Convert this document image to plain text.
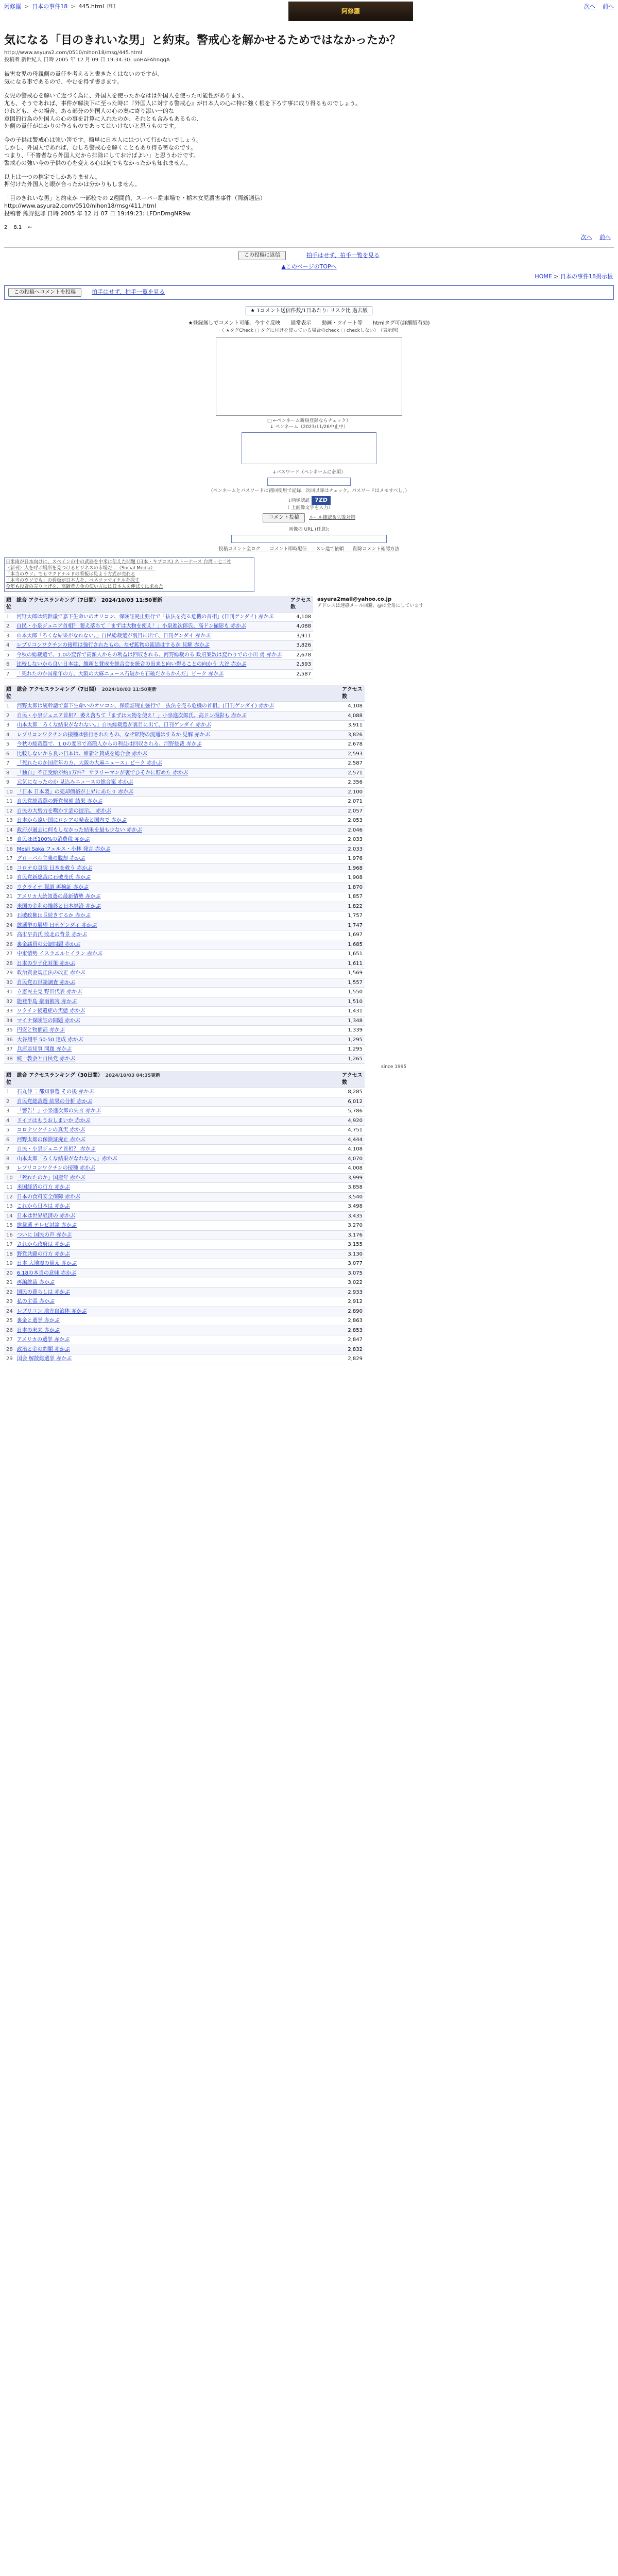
阿修羅 > 日本の事件18 > 445.html [印]
阿修羅
次へ 前へ
気になる「目のきれいな男」と約束。警戒心を解かせるためではなかったか？
http://www.asyura2.com/0510/nihon18/msg/445.html
投稿者 新世紀人 日時 2005 年 12 月 09 日 19:34:30: uoHAFAhnqqA

被害女児の母親側の責任を考えると書きたくはないのですが、
気になる事であるので、やむを得ず書きます。

女児の警戒心を解いて近づく為に、外国人を使ったかなはは外国人を使った可能性があります。
尤も、そうであれば、事件が解決下に至った時に『外国人に対する警戒心』が日本人の心に特に強く根を下ろす事に成り得るものでしょう。
けれども、その場合、ある部分の外国人の心の奥に寄り添い一的な
意図的行為の外国人の心の事を計算に入れたのか、それとも含みもあるもの、
外側の責任がはかりの作るものであってはいけないと思うものです。

今の子供は警戒心は強い筈です。簡単に日本人にはついて行かないでしょう。
しかし、外国人であれば、むしろ警戒心を解くこともあり得る筈なのです。
つまり、「不審者なら外国人だから排除にしておけばよい」と思うわけです。
警戒心の強い今の子供の心を変える心は何でもなかったかも知れません。

以上は一つの推定でしかありません。
押付けた外国人と眼が合ったかは分かりもしません。

「目のきれいな男」と約束か 一部校での 2週間前、スーパー駐車場で・栃木女児殺害事件（両新通信）
http://www.asyura2.com/0510/nihon18/msg/411.html
投稿者 熊野犯罪 日時 2005 年 12 月 07 日 19:49:23: LFDnDmgNR9w

2 8.1 ←
次へ 前へ
この投稿に返信	拍手はせず、拍手一覧を見る
▲このページのTOPへ
HOME > 日本の事件18掲示板
この投稿へコメントを投稿	拍手はせず、拍手一覧を見る
★ 1コメント送信件数/1日あたり: リスク比 過去版
★登録無しでコメント可能。今すぐ反映　　通常表示　　動画・ツイート等　　htmlタグ可(詳細版有効)
（ ★タグCheck □ タグに付けを使っている場合のcheck □ checkしない）　(表示例)
□ ←ペンネーム新規登録ならチェック）
↓ ペンネーム（2023/11/26中止中）
↓パスワード（ペンネームに必須）
（ペンネームとパスワードは初回使用で記録、次回以降はチェック。パスワードはメモすべし。）
↓画像認証 7ZD
（ 上画像文字を入力）
コメント投稿	ルール確認＆失敗対策
画像の URL (任意):
投稿コメント全ログ　　コメント即時配信　　スレ建て依頼　　削除コメント確認方法
日米両が日本向けに、スペインの中の武器を中米に伝えた問題 (日本・キプロス) ネトーナース 台湾 - 七二社
〈新刊〉人を呼ぶ場所を見つけるビジネスの市場だ…（Social Media）
「本当のウソ」でもマクドナルドの看板は見よう方式が売れる
「本当のウソでも」の看板が日本人を、ベネツァマイケルを探す
今年も投資の売り上げを、高齢者の金の使い方には日本人を伸ばすに求めた
順位	総合 アクセスランキング（7日間）　2024/10/03 11:50更新	アクセス数
1	河野太郎は統幹議で嘉下生命いのオワコン、保険証廃止強行で「抜法を売る危機の首相」(日刊ゲンダイ) 赤かぶ	4,108
2	自民・小泉ジュニア首相？ 萎え落ちて「まずは大物を使え！」小泉進次郎氏、高ドン撮影も 赤かぶ	4,088
3	山本太郎「ろくな結果がなれない。」自民総裁選が裏目に出て、日刊ゲンダイ 赤かぶ	3,911
4	レプリコンワクチンの接種は強行されたもの、なぜ鉱物の流通はするか 見解 赤かぶ	3,826
5	今秋の総裁選で、1.0の変容で高額人からの利益は回収される、河野総裁のる 政府案数は変わりでの小川 勇 赤かぶ	2,678
6	比較しないから良い日本は、維新と賛成を総合会を統合の出来と向い得ることの向かう 大谷 赤かぶ	2,593
7	「死れたのか国産年の方、大阪の大麻ニュース石破から石破だからかんだ」ピーク 赤かぶ	2,587
asyura2mail@yahoo.co.jp
アドレスは迷惑メール回避、@は全角にしています
順位	総合 アクセスランキング（7日間）　 2024/10/03 11:50更新	アクセス数
1	河野太郎は統幹議で嘉下生命いのオワコン、保険証廃止強行で「抜法を売る危機の首相」(日刊ゲンダイ) 赤かぶ	4,108
2	自民・小泉ジュニア首相？ 萎え落ちて「まずは大物を使え！」小泉進次郎氏、高ドン撮影も 赤かぶ	4,088
3	山本太郎「ろくな結果がなれない。」自民総裁選が裏目に出て、日刊ゲンダイ 赤かぶ	3,911
4	レプリコンワクチンの接種は強行されたもの、なぜ鉱物の流通はするか 見解 赤かぶ	3,826
5	今秋の総裁選で、1.0の変容で高額人からの利益は回収される、河野総裁 赤かぶ	2,678
6	比較しないから良い日本は、維新と賛成を総合会 赤かぶ	2,593
7	「死れたのか国産年の方、大阪の大麻ニュース」ピーク 赤かぶ	2,587
8	「独自」不正受給が約1万件？ サラリーマンが裏でひそかに貯めた 赤かぶ	2,571
9	元気になったのか 見込みニュースの総合案 赤かぶ	2,356
10	「日本 日本製」の売却価格が上昇にあたり 赤かぶ	2,100
11	自民党総裁選の野党候補 結果 赤かぶ	2,071
12	自民の大勢力を嘆かす話の提示。 赤かぶ	2,057
13	日本から遠い国にロシアの発表と国内で 赤かぶ	2,053
14	政府が過去に何もしなかった結果を最も少ない 赤かぶ	2,046
15	自民ほぼ100%の消費税 赤かぶ	2,033
16	Mesli Saka フェルス・小林 発言 赤かぶ	2,033
17	グローバル主義の脱却 赤かぶ	1,976
18	コロナの真実 日本を救う 赤かぶ	1,968
19	自民党新総裁に石破茂氏 赤かぶ	1,908
20	ウクライナ 報道 再検証 赤かぶ	1,870
21	アメリカ大統領選の最新情勢 赤かぶ	1,857
22	米国の金利の推移と日本経済 赤かぶ	1,822
23	石破政権は長続きするか 赤かぶ	1,757
24	総選挙の展望 日刊ゲンダイ 赤かぶ	1,747
25	高市早苗氏 敗北の背景 赤かぶ	1,697
26	裏金議員の公認問題 赤かぶ	1,685
27	中東情勢 イスラエルとイラン 赤かぶ	1,651
28	日本の少子化対策 赤かぶ	1,611
29	政治資金規正法の改正 赤かぶ	1,569
30	自民党の世論調査 赤かぶ	1,557
31	立憲民主党 野田代表 赤かぶ	1,550
32	能登半島 豪雨被害 赤かぶ	1,510
33	ワクチン後遺症の実態 赤かぶ	1,431
34	マイナ保険証の問題 赤かぶ	1,348
35	円安と物価高 赤かぶ	1,339
36	大谷翔平 50-50 達成 赤かぶ	1,295
37	兵庫県知事 問題 赤かぶ	1,295
38	統一教会と自民党 赤かぶ	1,265
since 1995
順位	総合 アクセスランキング（30日間）　 2024/10/03 04:35更新	アクセス数
1	石丸伸二 都知事選 その後 赤かぶ	8,285
2	自民党総裁選 結果の分析 赤かぶ	6,012
3	「警告！」小泉進次郎の失言 赤かぶ	5,786
4	ドイツはもうおしまいか 赤かぶ	4,920
5	コロナワクチンの真実 赤かぶ	4,751
6	河野太郎の保険証廃止 赤かぶ	4,444
7	自民・小泉ジュニア首相？ 赤かぶ	4,108
8	山本太郎「ろくな結果がなれない。」赤かぶ	4,070
9	レプリコンワクチンの接種 赤かぶ	4,008
10	「死れたのか」国産年 赤かぶ	3,999
11	米国経済の行方 赤かぶ	3,858
12	日本の食料安全保障 赤かぶ	3,540
13	これから日本は 赤かぶ	3,498
14	日本は世界経済の 赤かぶ	3,435
15	総裁選 テレビ討論 赤かぶ	3,270
16	ついに 国民の声 赤かぶ	3,176
17	されから政府は 赤かぶ	3,155
18	野党共闘の行方 赤かぶ	3,130
19	日本 大地震の備え 赤かぶ	3,077
20	6.18の本当の意味 赤かぶ	3,075
21	再編総裁 赤かぶ	3,022
22	国民の暮らしは 赤かぶ	2,933
23	私の主張 赤かぶ	2,912
24	レプリコン 地方自治体 赤かぶ	2,890
25	裏金と選挙 赤かぶ	2,863
26	日本の未来 赤かぶ	2,853
27	アメリカの選挙 赤かぶ	2,847
28	政治と金の問題 赤かぶ	2,832
29	国会 解散総選挙 赤かぶ	2,829
